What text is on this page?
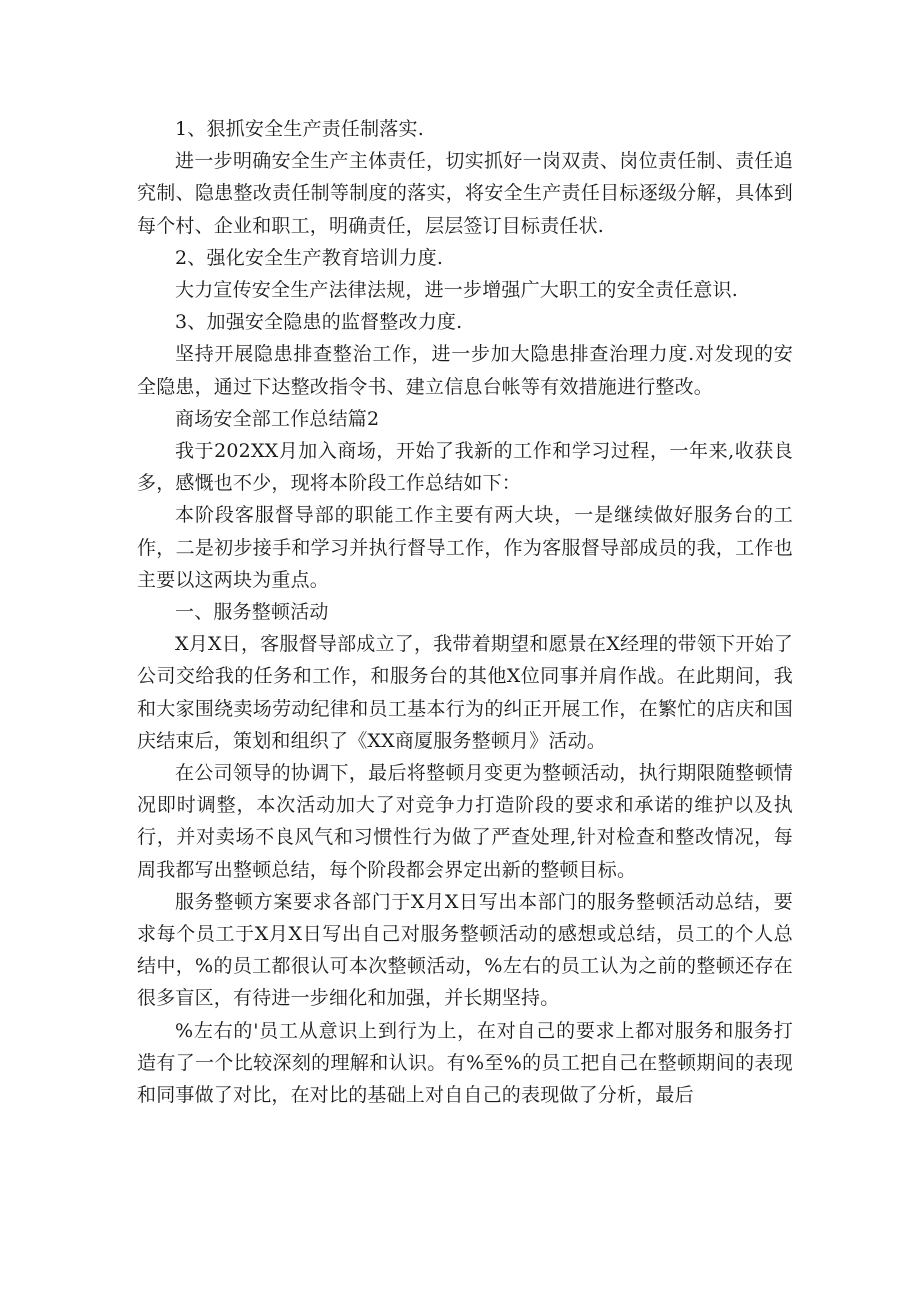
1、狠抓安全生产责任制落实.

进一步明确安全生产主体责任，切实抓好一岗双责、岗位责任制、责任追究制、隐患整改责任制等制度的落实，将安全生产责任目标逐级分解，具体到每个村、企业和职工，明确责任，层层签订目标责任状.

2、强化安全生产教育培训力度.

大力宣传安全生产法律法规，进一步增强广大职工的安全责任意识.

3、加强安全隐患的监督整改力度.

坚持开展隐患排查整治工作，进一步加大隐患排查治理力度.对发现的安全隐患，通过下达整改指令书、建立信息台帐等有效措施进行整改。

商场安全部工作总结篇2

我于202XX月加入商场，开始了我新的工作和学习过程，一年来,收获良多，感慨也不少，现将本阶段工作总结如下：

本阶段客服督导部的职能工作主要有两大块，一是继续做好服务台的工作，二是初步接手和学习并执行督导工作，作为客服督导部成员的我，工作也主要以这两块为重点。

一、服务整顿活动

X月X日，客服督导部成立了，我带着期望和愿景在X经理的带领下开始了公司交给我的任务和工作，和服务台的其他X位同事并肩作战。在此期间，我和大家围绕卖场劳动纪律和员工基本行为的纠正开展工作，在繁忙的店庆和国庆结束后，策划和组织了《XX商厦服务整顿月》活动。

在公司领导的协调下，最后将整顿月变更为整顿活动，执行期限随整顿情况即时调整，本次活动加大了对竞争力打造阶段的要求和承诺的维护以及执行，并对卖场不良风气和习惯性行为做了严查处理,针对检查和整改情况，每周我都写出整顿总结，每个阶段都会界定出新的整顿目标。

服务整顿方案要求各部门于X月X日写出本部门的服务整顿活动总结，要求每个员工于X月X日写出自己对服务整顿活动的感想或总结，员工的个人总结中，%的员工都很认可本次整顿活动，%左右的员工认为之前的整顿还存在很多盲区，有待进一步细化和加强，并长期坚持。

%左右的'员工从意识上到行为上，在对自己的要求上都对服务和服务打造有了一个比较深刻的理解和认识。有%至%的员工把自己在整顿期间的表现和同事做了对比，在对比的基础上对自自己的表现做了分析，最后
